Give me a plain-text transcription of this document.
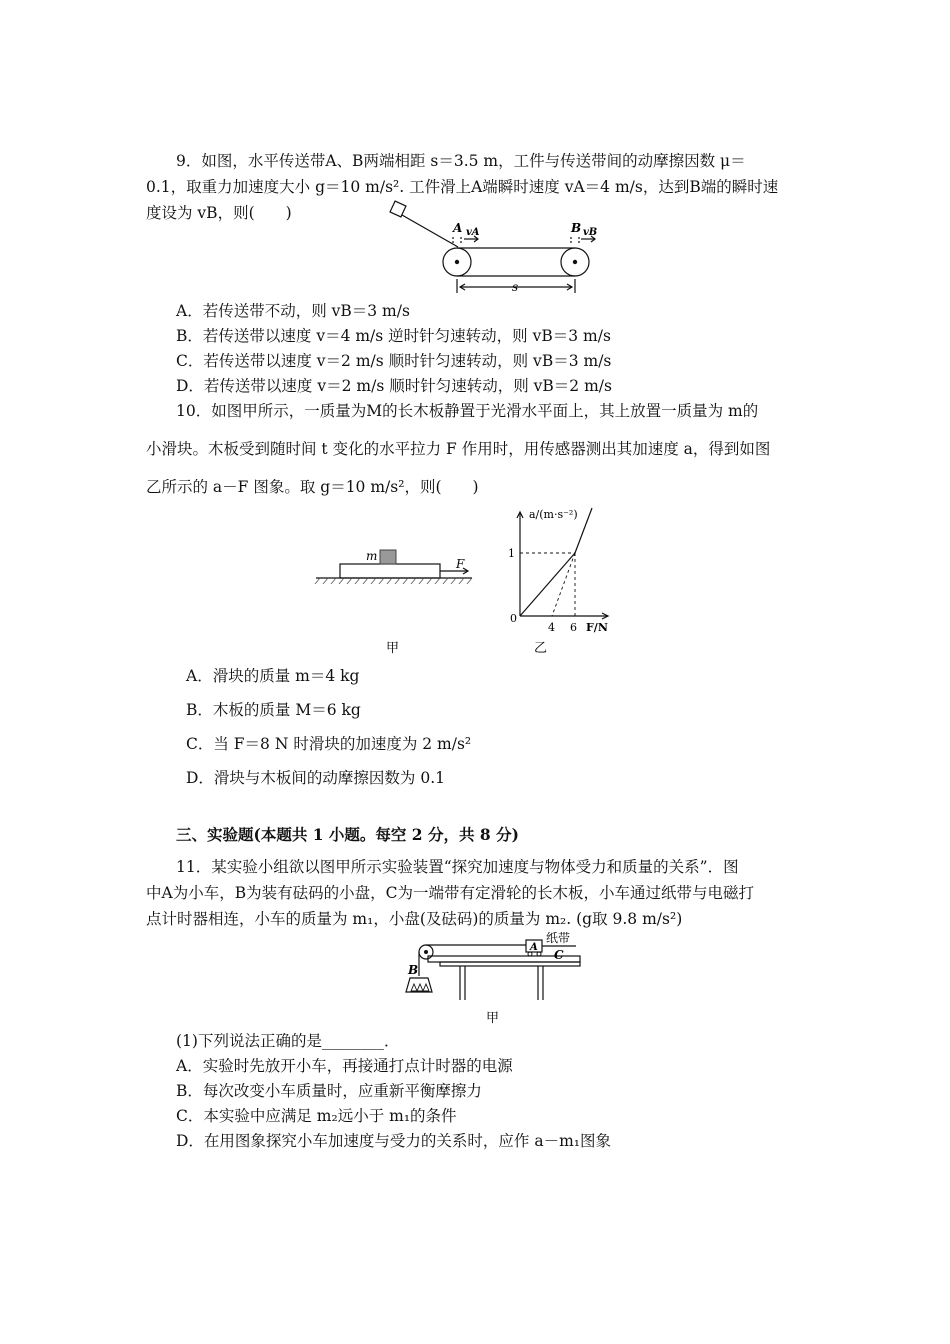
9．如图，水平传送带A、B两端相距 s＝3.5 m，工件与传送带间的动摩擦因数 μ＝
0.1，取重力加速度大小 g＝10 m/s². 工件滑上A端瞬时速度 vA＝4 m/s，达到B端的瞬时速
度设为 vB，则(　　)
A vA	B vB
s
A．若传送带不动，则 vB＝3 m/s
B．若传送带以速度 v＝4 m/s 逆时针匀速转动，则 vB＝3 m/s
C．若传送带以速度 v＝2 m/s 顺时针匀速转动，则 vB＝3 m/s
D．若传送带以速度 v＝2 m/s 顺时针匀速转动，则 vB＝2 m/s
10．如图甲所示，一质量为M的长木板静置于光滑水平面上，其上放置一质量为 m的
小滑块。木板受到随时间 t 变化的水平拉力 F 作用时，用传感器测出其加速度 a，得到如图
乙所示的 a－F 图象。取 g＝10 m/s²，则(　　)
m
F
甲
a/(m·s⁻²)
1
0
4 6 F/N
乙
A．滑块的质量 m＝4 kg
B．木板的质量 M＝6 kg
C．当 F＝8 N 时滑块的加速度为 2 m/s²
D．滑块与木板间的动摩擦因数为 0.1
三、实验题(本题共 1 小题。每空 2 分，共 8 分)
11．某实验小组欲以图甲所示实验装置“探究加速度与物体受力和质量的关系”．图
中A为小车，B为装有砝码的小盘，C为一端带有定滑轮的长木板，小车通过纸带与电磁打
点计时器相连，小车的质量为 m₁，小盘(及砝码)的质量为 m₂. (g取 9.8 m/s²)
A
纸带
B
C
甲
(1)下列说法正确的是________．
A．实验时先放开小车，再接通打点计时器的电源
B．每次改变小车质量时，应重新平衡摩擦力
C．本实验中应满足 m₂远小于 m₁的条件
D．在用图象探究小车加速度与受力的关系时，应作 a－m₁图象
